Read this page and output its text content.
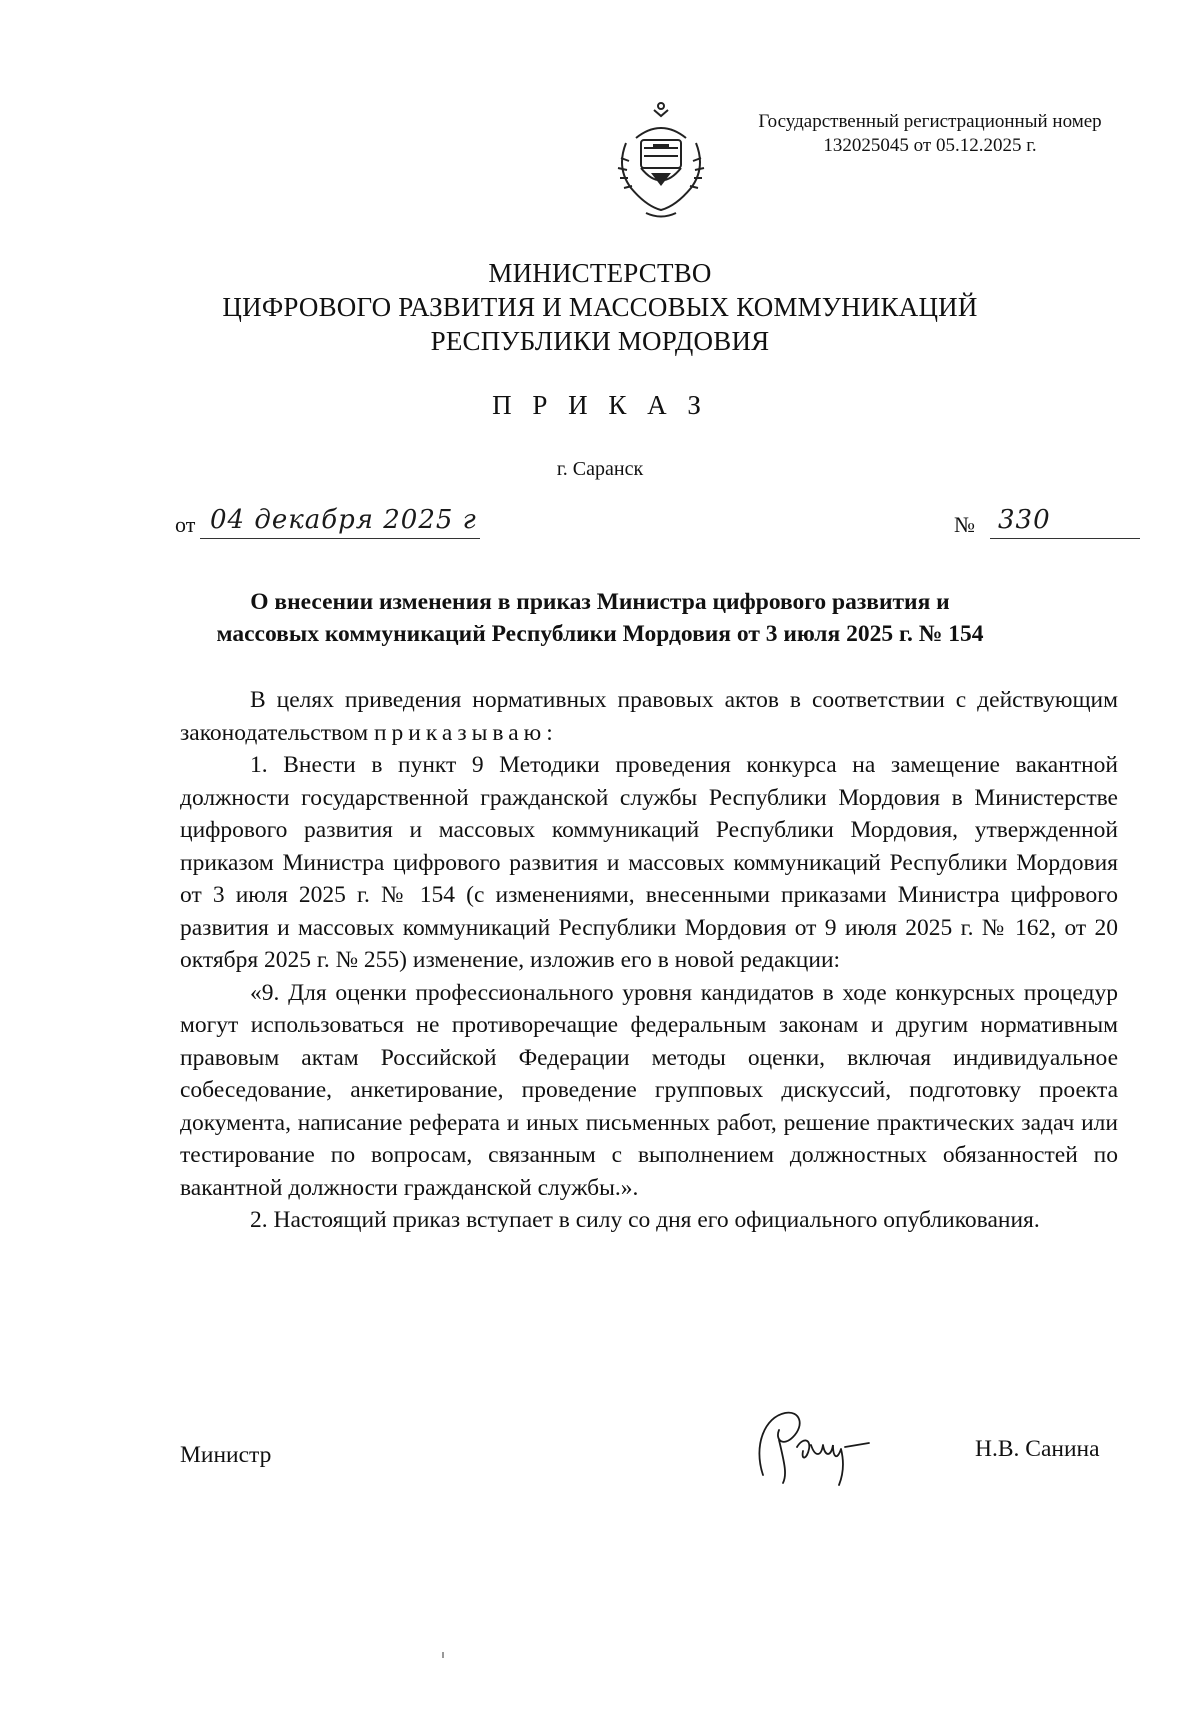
Государственный регистрационный номер
132025045 от 05.12.2025 г.
МИНИСТЕРСТВО
ЦИФРОВОГО РАЗВИТИЯ И МАССОВЫХ КОММУНИКАЦИЙ
РЕСПУБЛИКИ МОРДОВИЯ
П Р И К А З
г. Саранск
от 04 декабря 2025 г	№ 330
О внесении изменения в приказ Министра цифрового развития и
массовых коммуникаций Республики Мордовия от 3 июля 2025 г. № 154

В целях приведения нормативных правовых актов в соответствии с действующим законодательством приказываю:

1. Внести в пункт 9 Методики проведения конкурса на замещение вакантной должности государственной гражданской службы Республики Мордовия в Министерстве цифрового развития и массовых коммуникаций Республики Мордовия, утвержденной приказом Министра цифрового развития и массовых коммуникаций Республики Мордовия от 3 июля 2025 г. № 154 (с изменениями, внесенными приказами Министра цифрового развития и массовых коммуникаций Республики Мордовия от 9 июля 2025 г. № 162, от 20 октября 2025 г. № 255) изменение, изложив его в новой редакции:

«9. Для оценки профессионального уровня кандидатов в ходе конкурсных процедур могут использоваться не противоречащие федеральным законам и другим нормативным правовым актам Российской Федерации методы оценки, включая индивидуальное собеседование, анкетирование, проведение групповых дискуссий, подготовку проекта документа, написание реферата и иных письменных работ, решение практических задач или тестирование по вопросам, связанным с выполнением должностных обязанностей по вакантной должности гражданской службы.».

2. Настоящий приказ вступает в силу со дня его официального опубликования.

Министр	Н.В. Санина
